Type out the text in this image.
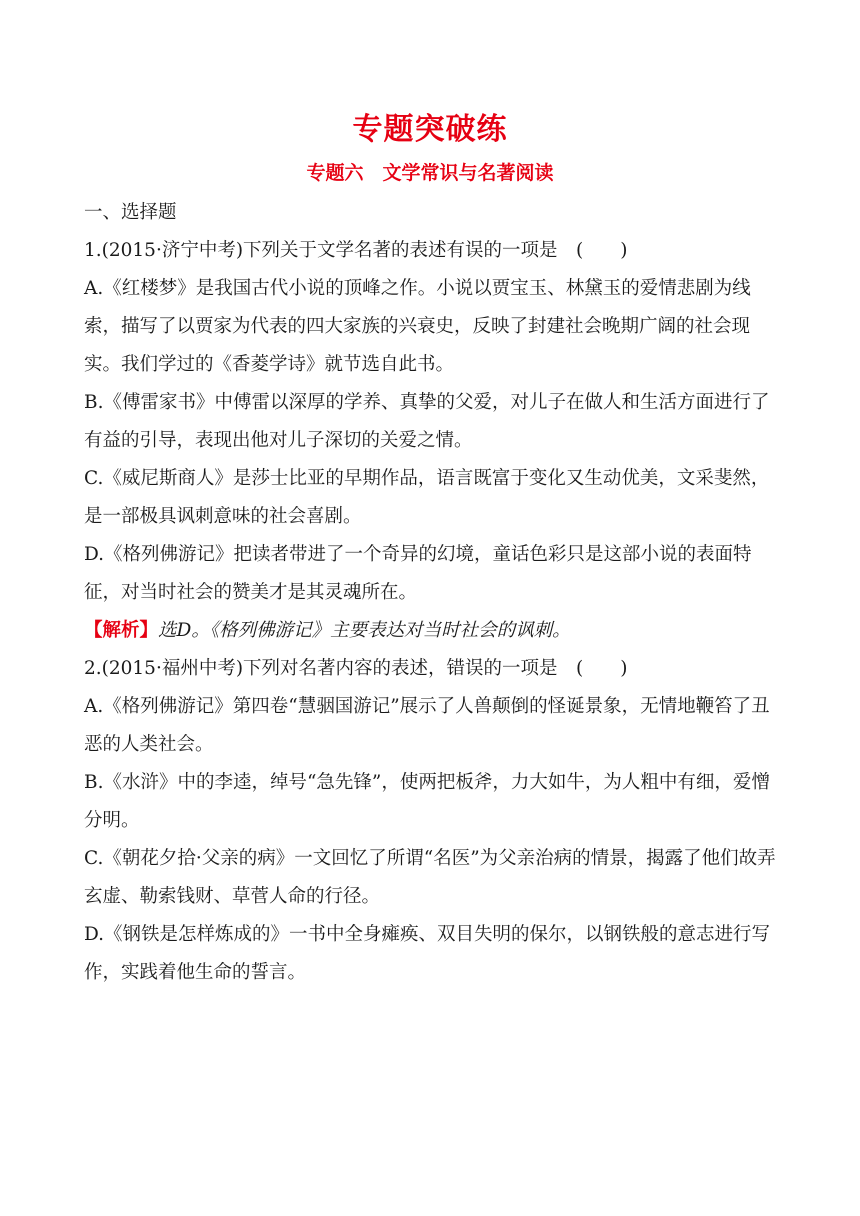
专题突破练
专题六　文学常识与名著阅读

一、选择题

1.(2015·济宁中考)下列关于文学名著的表述有误的一项是　(　　)

A.《红楼梦》是我国古代小说的顶峰之作。小说以贾宝玉、林黛玉的爱情悲剧为线索，描写了以贾家为代表的四大家族的兴衰史，反映了封建社会晚期广阔的社会现实。我们学过的《香菱学诗》就节选自此书。

B.《傅雷家书》中傅雷以深厚的学养、真挚的父爱，对儿子在做人和生活方面进行了有益的引导，表现出他对儿子深切的关爱之情。

C.《威尼斯商人》是莎士比亚的早期作品，语言既富于变化又生动优美，文采斐然，是一部极具讽刺意味的社会喜剧。

D.《格列佛游记》把读者带进了一个奇异的幻境，童话色彩只是这部小说的表面特征，对当时社会的赞美才是其灵魂所在。

【解析】选D。《格列佛游记》主要表达对当时社会的讽刺。

2.(2015·福州中考)下列对名著内容的表述，错误的一项是　(　　)

A.《格列佛游记》第四卷“慧骃国游记”展示了人兽颠倒的怪诞景象，无情地鞭笞了丑恶的人类社会。

B.《水浒》中的李逵，绰号“急先锋”，使两把板斧，力大如牛，为人粗中有细，爱憎分明。

C.《朝花夕拾·父亲的病》一文回忆了所谓“名医”为父亲治病的情景，揭露了他们故弄玄虚、勒索钱财、草菅人命的行径。

D.《钢铁是怎样炼成的》一书中全身瘫痪、双目失明的保尔，以钢铁般的意志进行写作，实践着他生命的誓言。
